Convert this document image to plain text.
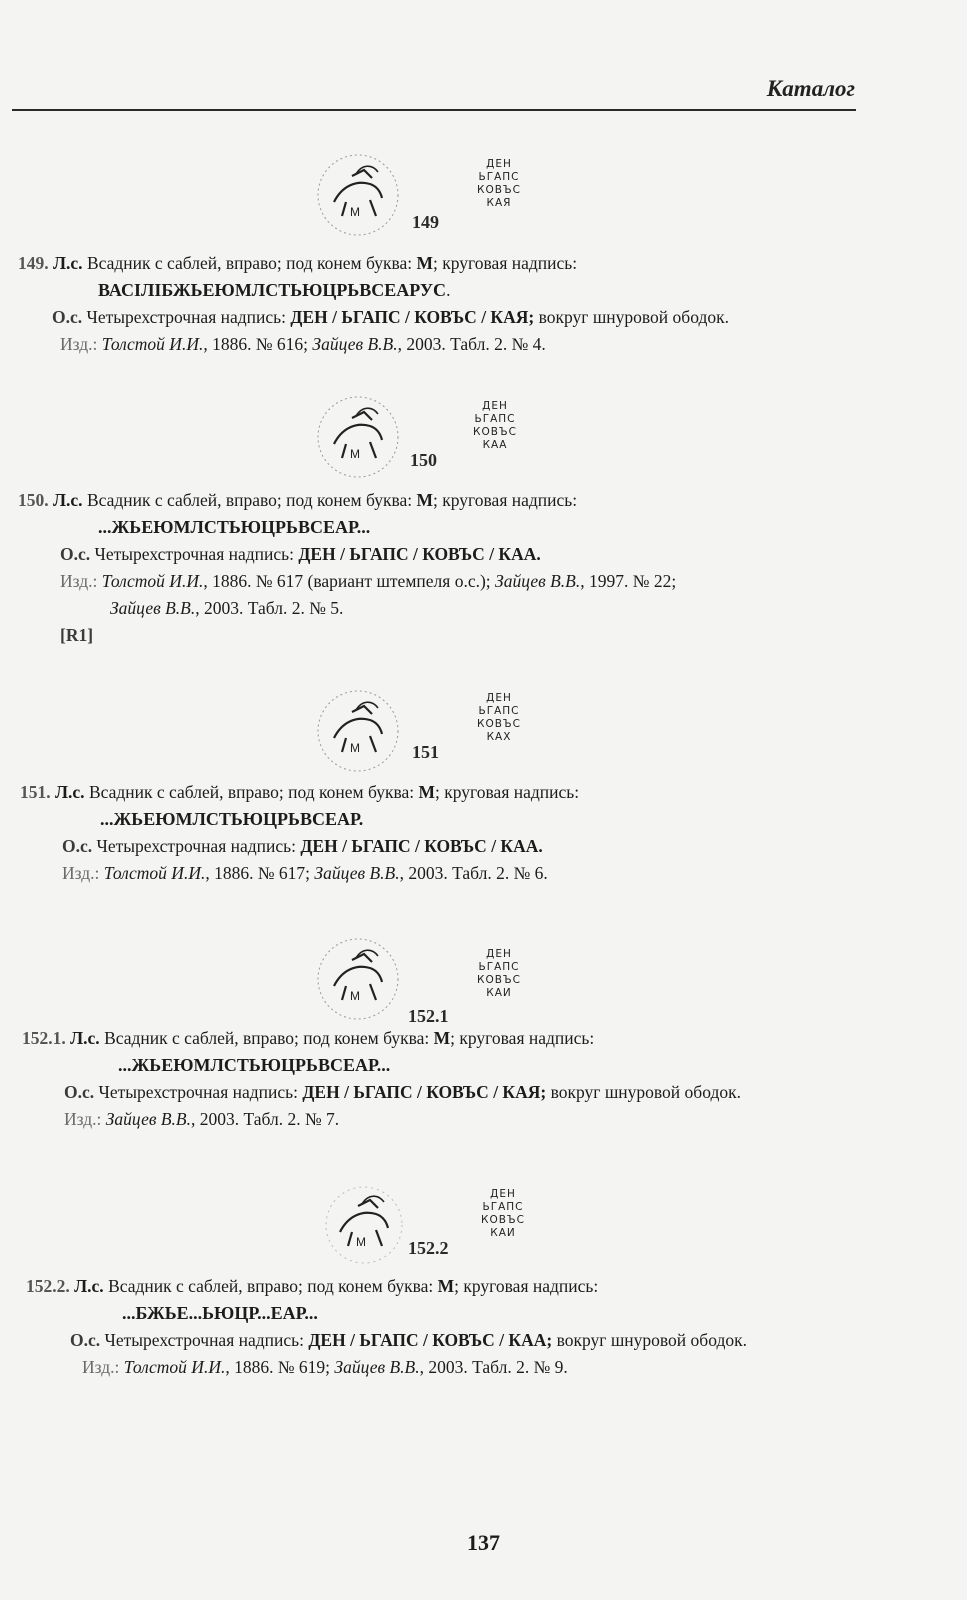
Каталог
M
ДЕН
ЬГАПС
КОВЪС
КАЯ
149
149. Л.с. Всадник с саблей, вправо; под конем буква: М; круговая надпись:
ВАСІЛІБЖЬЕЮМЛСТЬЮЦРЬВСЕАРУС.
О.с. Четырехстрочная надпись: ДЕН / ЬГАПС / КОВЪС / КАЯ; вокруг шнуровой ободок.
Изд.: Толстой И.И., 1886. № 616; Зайцев В.В., 2003. Табл. 2. № 4.
M
ДЕН
ЬГАПС
КОВЪС
КАА
150
150. Л.с. Всадник с саблей, вправо; под конем буква: М; круговая надпись:
...ЖЬЕЮМЛСТЬЮЦРЬВСЕАР...
О.с. Четырехстрочная надпись: ДЕН / ЬГАПС / КОВЪС / КАА.
Изд.: Толстой И.И., 1886. № 617 (вариант штемпеля о.с.); Зайцев В.В., 1997. № 22;
Зайцев В.В., 2003. Табл. 2. № 5.
[R1]
M
ДЕН
ЬГАПС
КОВЪС
КАХ
151
151. Л.с. Всадник с саблей, вправо; под конем буква: М; круговая надпись:
...ЖЬЕЮМЛСТЬЮЦРЬВСЕАР.
О.с. Четырехстрочная надпись: ДЕН / ЬГАПС / КОВЪС / КАА.
Изд.: Толстой И.И., 1886. № 617; Зайцев В.В., 2003. Табл. 2. № 6.
M
ДЕН
ЬГАПС
КОВЪС
КАИ
152.1
152.1. Л.с. Всадник с саблей, вправо; под конем буква: М; круговая надпись:
...ЖЬЕЮМЛСТЬЮЦРЬВСЕАР...
О.с. Четырехстрочная надпись: ДЕН / ЬГАПС / КОВЪС / КАЯ; вокруг шнуровой ободок.
Изд.: Зайцев В.В., 2003. Табл. 2. № 7.
M
ДЕН
ЬГАПС
КОВЪС
КАИ
152.2
152.2. Л.с. Всадник с саблей, вправо; под конем буква: М; круговая надпись:
...БЖЬЕ...ЬЮЦР...ЕАР...
О.с. Четырехстрочная надпись: ДЕН / ЬГАПС / КОВЪС / КАА; вокруг шнуровой ободок.
Изд.: Толстой И.И., 1886. № 619; Зайцев В.В., 2003. Табл. 2. № 9.
137
